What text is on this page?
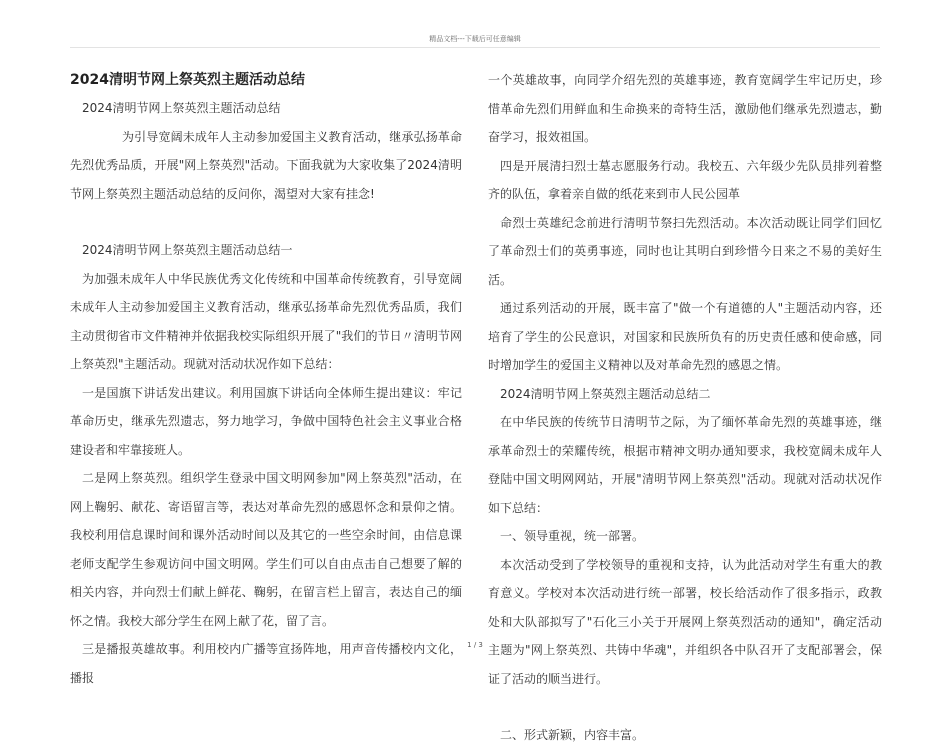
精品文档---下载后可任意编辑

2024清明节网上祭英烈主题活动总结

2024清明节网上祭英烈主题活动总结

为引导宽阔未成年人主动参加爱国主义教育活动，继承弘扬革命先烈优秀品质，开展"网上祭英烈"活动。下面我就为大家收集了2024清明节网上祭英烈主题活动总结的反问你，渴望对大家有挂念!

2024清明节网上祭英烈主题活动总结一

为加强未成年人中华民族优秀文化传统和中国革命传统教育，引导宽阔未成年人主动参加爱国主义教育活动，继承弘扬革命先烈优秀品质，我们主动贯彻省市文件精神并依据我校实际组织开展了"我们的节日〃清明节网上祭英烈"主题活动。现就对活动状况作如下总结：

一是国旗下讲话发出建议。利用国旗下讲话向全体师生提出建议：牢记革命历史，继承先烈遗志，努力地学习，争做中国特色社会主义事业合格建设者和牢靠接班人。

二是网上祭英烈。组织学生登录中国文明网参加"网上祭英烈"活动，在网上鞠躬、献花、寄语留言等，表达对革命先烈的感恩怀念和景仰之情。我校利用信息课时间和课外活动时间以及其它的一些空余时间，由信息课老师支配学生参观访问中国文明网。学生们可以自由点击自己想要了解的相关内容，并向烈士们献上鲜花、鞠躬，在留言栏上留言，表达自己的缅怀之情。我校大部分学生在网上献了花，留了言。

三是播报英雄故事。利用校内广播等宣扬阵地，用声音传播校内文化，播报

一个英雄故事，向同学介绍先烈的英雄事迹，教育宽阔学生牢记历史，珍惜革命先烈们用鲜血和生命换来的奇特生活，激励他们继承先烈遗志，勤奋学习，报效祖国。

四是开展清扫烈士墓志愿服务行动。我校五、六年级少先队员排列着整齐的队伍，拿着亲自做的纸花来到市人民公园革

命烈士英雄纪念前进行清明节祭扫先烈活动。本次活动既让同学们回忆了革命烈士们的英勇事迹，同时也让其明白到珍惜今日来之不易的美好生活。

通过系列活动的开展，既丰富了"做一个有道德的人"主题活动内容，还培育了学生的公民意识，对国家和民族所负有的历史责任感和使命感，同时增加学生的爱国主义精神以及对革命先烈的感恩之情。

2024清明节网上祭英烈主题活动总结二

在中华民族的传统节日清明节之际，为了缅怀革命先烈的英雄事迹，继承革命烈士的荣耀传统，根据市精神文明办通知要求，我校宽阔未成年人登陆中国文明网网站，开展"清明节网上祭英烈"活动。现就对活动状况作如下总结：

一、领导重视，统一部署。

本次活动受到了学校领导的重视和支持，认为此活动对学生有重大的教育意义。学校对本次活动进行统一部署，校长给活动作了很多指示，政教处和大队部拟写了"石化三小关于开展网上祭英烈活动的通知"，确定活动主题为"网上祭英烈、共铸中华魂"，并组织各中队召开了支配部署会，保证了活动的顺当进行。

二、形式新颖，内容丰富。

1 / 3
